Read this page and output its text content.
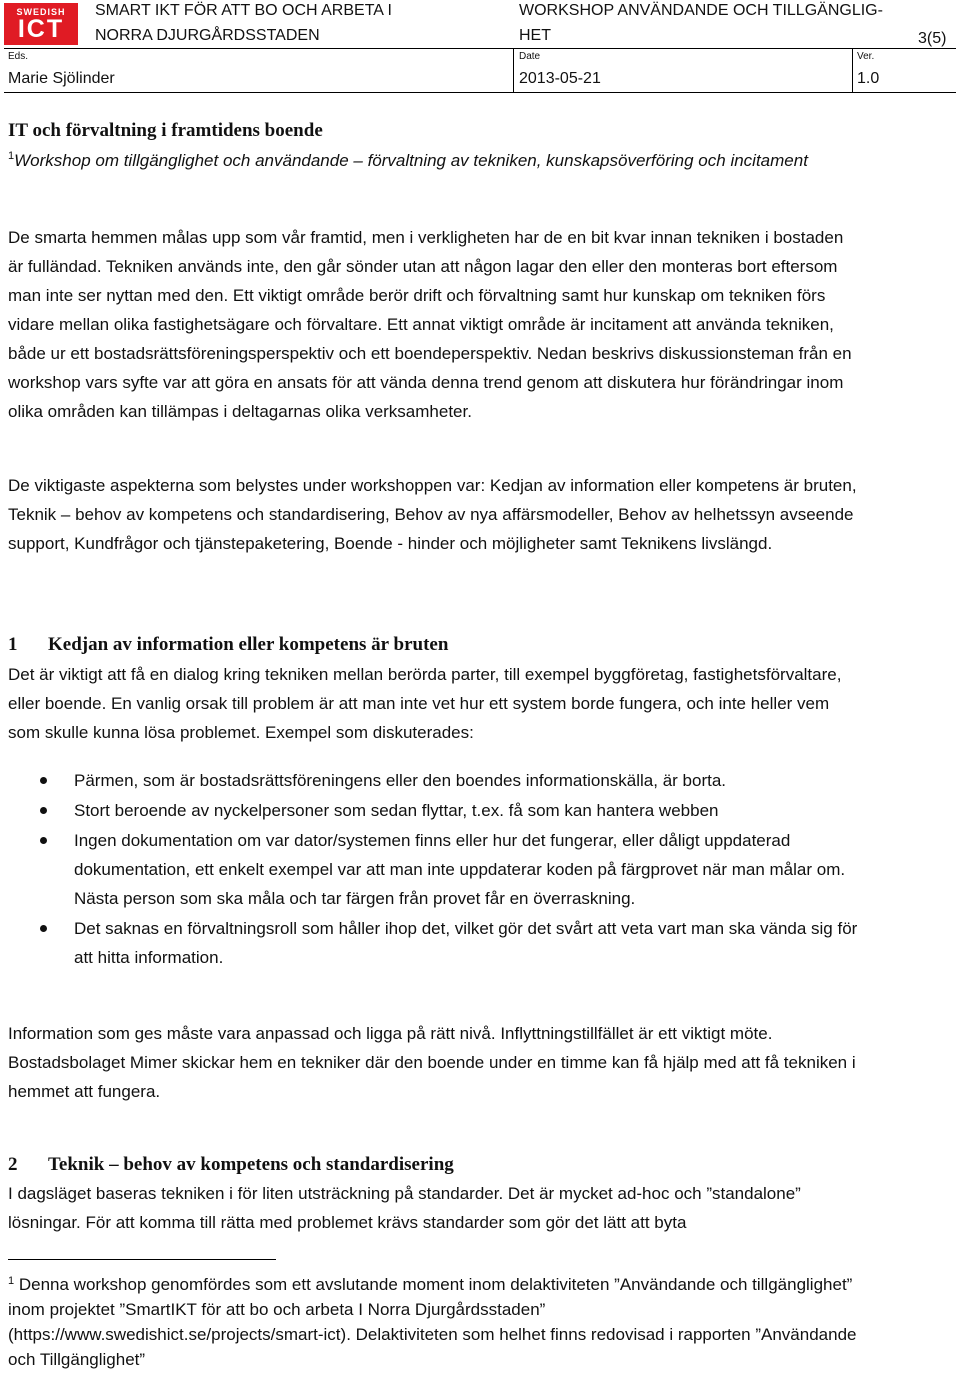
SWEDISH
ICT
SMART IKT FÖR ATT BO OCH ARBETA I
NORRA DJURGÅRDSSTADEN
WORKSHOP ANVÄNDANDE OCH TILLGÄNGLIG-
HET	3(5)
Eds.	Date	Ver.
Marie Sjölinder	2013-05-21	1.0
IT och förvaltning i framtidens boende
$^1$Workshop om tillgänglighet och användande – förvaltning av tekniken, kunskapsöverföring och incitament
De smarta hemmen målas upp som vår framtid, men i verkligheten har de en bit kvar innan tekniken i bostaden är fulländad. Tekniken används inte, den går sönder utan att någon lagar den eller den monteras bort eftersom man inte ser nyttan med den. Ett viktigt område berör drift och förvaltning samt hur kunskap om tekniken förs vidare mellan olika fastighetsägare och förvaltare. Ett annat viktigt område är incitament att använda tekniken, både ur ett bostadsrättsföreningsperspektiv och ett boendeperspektiv. Nedan beskrivs diskussionsteman från en workshop vars syfte var att göra en ansats för att vända denna trend genom att diskutera hur förändringar inom olika områden kan tillämpas i deltagarnas olika verksamheter.
De viktigaste aspekterna som belystes under workshoppen var: Kedjan av information eller kompetens är bruten, Teknik – behov av kompetens och standardisering, Behov av nya affärsmodeller, Behov av helhetssyn avseende support, Kundfrågor och tjänstepaketering, Boende - hinder och möjligheter samt Teknikens livslängd.
1 Kedjan av information eller kompetens är bruten
Det är viktigt att få en dialog kring tekniken mellan berörda parter, till exempel byggföretag, fastighetsförvaltare, eller boende. En vanlig orsak till problem är att man inte vet hur ett system borde fungera, och inte heller vem som skulle kunna lösa problemet. Exempel som diskuterades:
Pärmen, som är bostadsrättsföreningens eller den boendes informationskälla, är borta.
Stort beroende av nyckelpersoner som sedan flyttar, t.ex. få som kan hantera webben
Ingen dokumentation om var dator/systemen finns eller hur det fungerar, eller dåligt uppdaterad dokumentation, ett enkelt exempel var att man inte uppdaterar koden på färgprovet när man målar om. Nästa person som ska måla och tar färgen från provet får en överraskning.
Det saknas en förvaltningsroll som håller ihop det, vilket gör det svårt att veta vart man ska vända sig för att hitta information.
Information som ges måste vara anpassad och ligga på rätt nivå. Inflyttningstillfället är ett viktigt möte. Bostadsbolaget Mimer skickar hem en tekniker där den boende under en timme kan få hjälp med att få tekniken i hemmet att fungera.
2 Teknik – behov av kompetens och standardisering
I dagsläget baseras tekniken i för liten utsträckning på standarder. Det är mycket ad-hoc och ”standalone” lösningar. För att komma till rätta med problemet krävs standarder som gör det lätt att byta
$^1$ Denna workshop genomfördes som ett avslutande moment inom delaktiviteten ”Användande och tillgänglighet” inom projektet ”SmartIKT för att bo och arbeta I Norra Djurgårdsstaden” (https://www.swedishict.se/projects/smart-ict). Delaktiviteten som helhet finns redovisad i rapporten ”Användande och Tillgänglighet”
